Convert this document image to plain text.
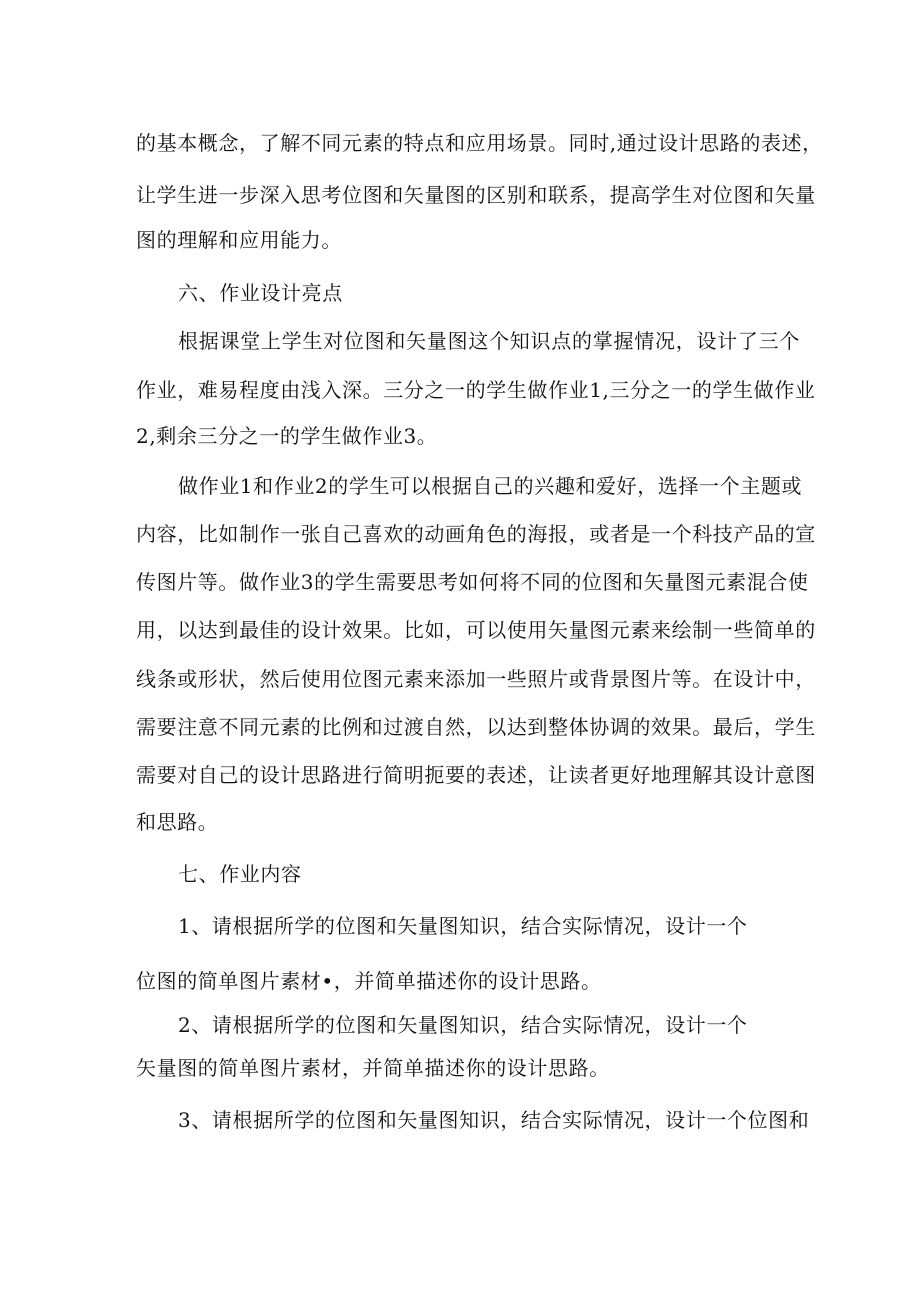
的基本概念，了解不同元素的特点和应用场景。同时,通过设计思路的表述，
让学生进一步深入思考位图和矢量图的区别和联系，提高学生对位图和矢量
图的理解和应用能力。
六、作业设计亮点
根据课堂上学生对位图和矢量图这个知识点的掌握情况，设计了三个
作业，难易程度由浅入深。三分之一的学生做作业1,三分之一的学生做作业
2,剩余三分之一的学生做作业3。
做作业1和作业2的学生可以根据自己的兴趣和爱好，选择一个主题或
内容，比如制作一张自己喜欢的动画角色的海报，或者是一个科技产品的宣
传图片等。做作业3的学生需要思考如何将不同的位图和矢量图元素混合使
用，以达到最佳的设计效果。比如，可以使用矢量图元素来绘制一些简单的
线条或形状，然后使用位图元素来添加一些照片或背景图片等。在设计中，
需要注意不同元素的比例和过渡自然，以达到整体协调的效果。最后，学生
需要对自己的设计思路进行简明扼要的表述，让读者更好地理解其设计意图
和思路。
七、作业内容
1、请根据所学的位图和矢量图知识，结合实际情况，设计一个
位图的简单图片素材•，并简单描述你的设计思路。
2、请根据所学的位图和矢量图知识，结合实际情况，设计一个
矢量图的简单图片素材，并简单描述你的设计思路。
3、请根据所学的位图和矢量图知识，结合实际情况，设计一个位图和
